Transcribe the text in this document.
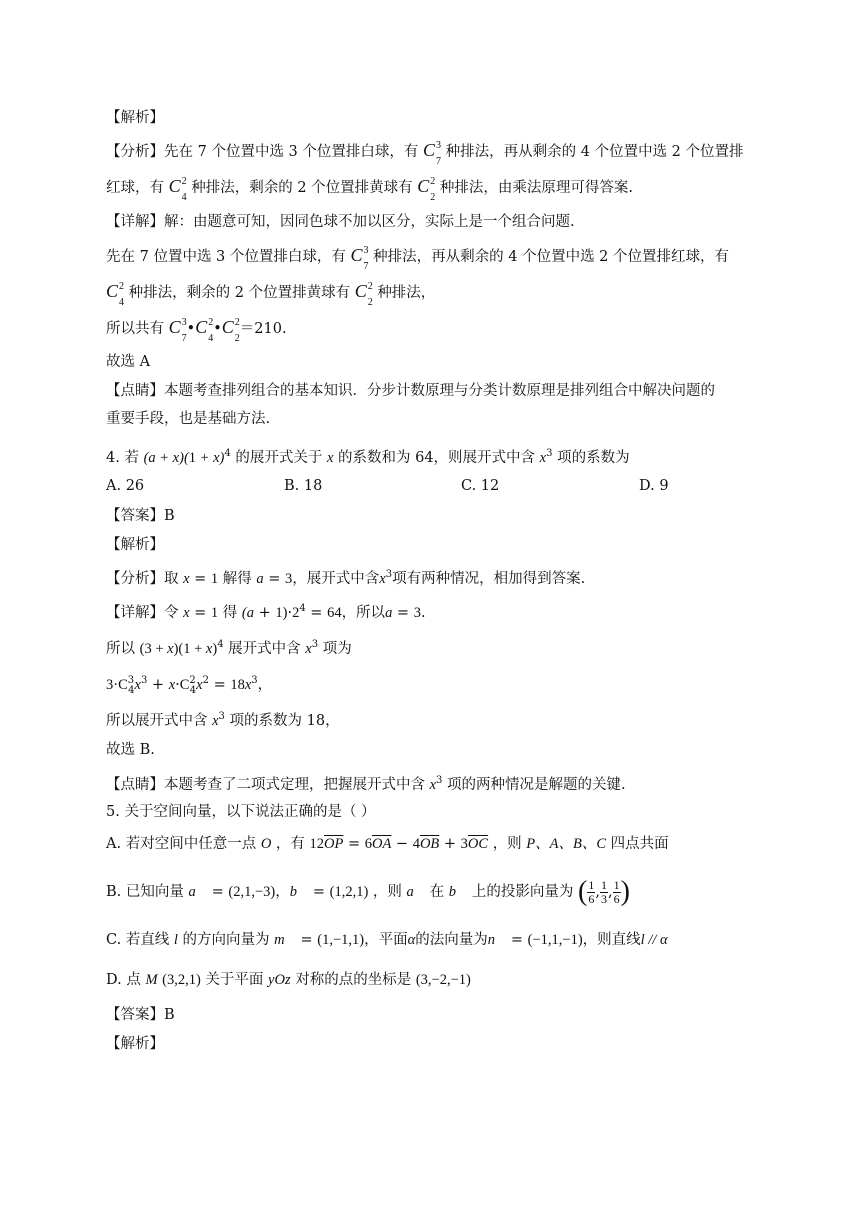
【解析】
【分析】先在 7 个位置中选 3 个位置排白球，有 C 3
7
种排法，再从剩余的 4 个位置中选 2 个位置排
红球，有 C 2
4
种排法，剩余的 2 个位置排黄球有 C 2
2
种排法，由乘法原理可得答案.
【详解】解：由题意可知，因同色球不加以区分，实际上是一个组合问题.
先在 7 位置中选 3 个位置排白球，有 C 3
7
种排法，再从剩余的 4 个位置中选 2 个位置排红球，有
C 2
4
种排法，剩余的 2 个位置排黄球有 C 2
2
种排法，
所以共有 C 3
7
•C 2
4
•C 2
2
＝210.
故选 A
【点睛】本题考查排列组合的基本知识．分步计数原理与分类计数原理是排列组合中解决问题的
重要手段，也是基础方法.
4. 若 $(a + x)(1 + x)^4$ 的展开式关于 x 的系数和为 64，则展开式中含 $x^3$ 项的系数为
A. 26	B. 18	C. 12	D. 9
【答案】B
【解析】
【分析】取 x = 1 解得 a = 3，展开式中含$x^3$项有两种情况，相加得到答案.
【详解】令 x = 1 得 $(a + 1)\cdot 2^4 = 64$，所以a = 3.
所以 $(3 + x)(1 + x)^4$ 展开式中含 $x^3$ 项为
$3\cdot C^3_4x^3 + x\cdot C^2_4x^2 = 18x^3$，
所以展开式中含 $x^3$ 项的系数为 18，
故选 B.
【点睛】本题考查了二项式定理，把握展开式中含 $x^3$ 项的两种情况是解题的关键.
5. 关于空间向量，以下说法正确的是（ ）
A. 若对空间中任意一点 O ，有 $12\overline{OP} = 6\overline{OA} - 4\overline{OB} + 3\overline{OC}$ ，则 P、A、B、C 四点共面
B. 已知向量 a⃗ = (2,1,−3)，b⃗ = (1,2,1) ，则 a⃗ 在 b⃗ 上的投影向量为 ( $\frac{1}{6}$ , $\frac{1}{3}$ , $\frac{1}{6}$ )
C. 若直线 l 的方向向量为 m⃗ = (1,−1,1)，平面α的法向量为n⃗ = (−1,1,−1)，则直线l // α
D. 点 M (3,2,1) 关于平面 yOz 对称的点的坐标是 (3,−2,−1)
【答案】B
【解析】
